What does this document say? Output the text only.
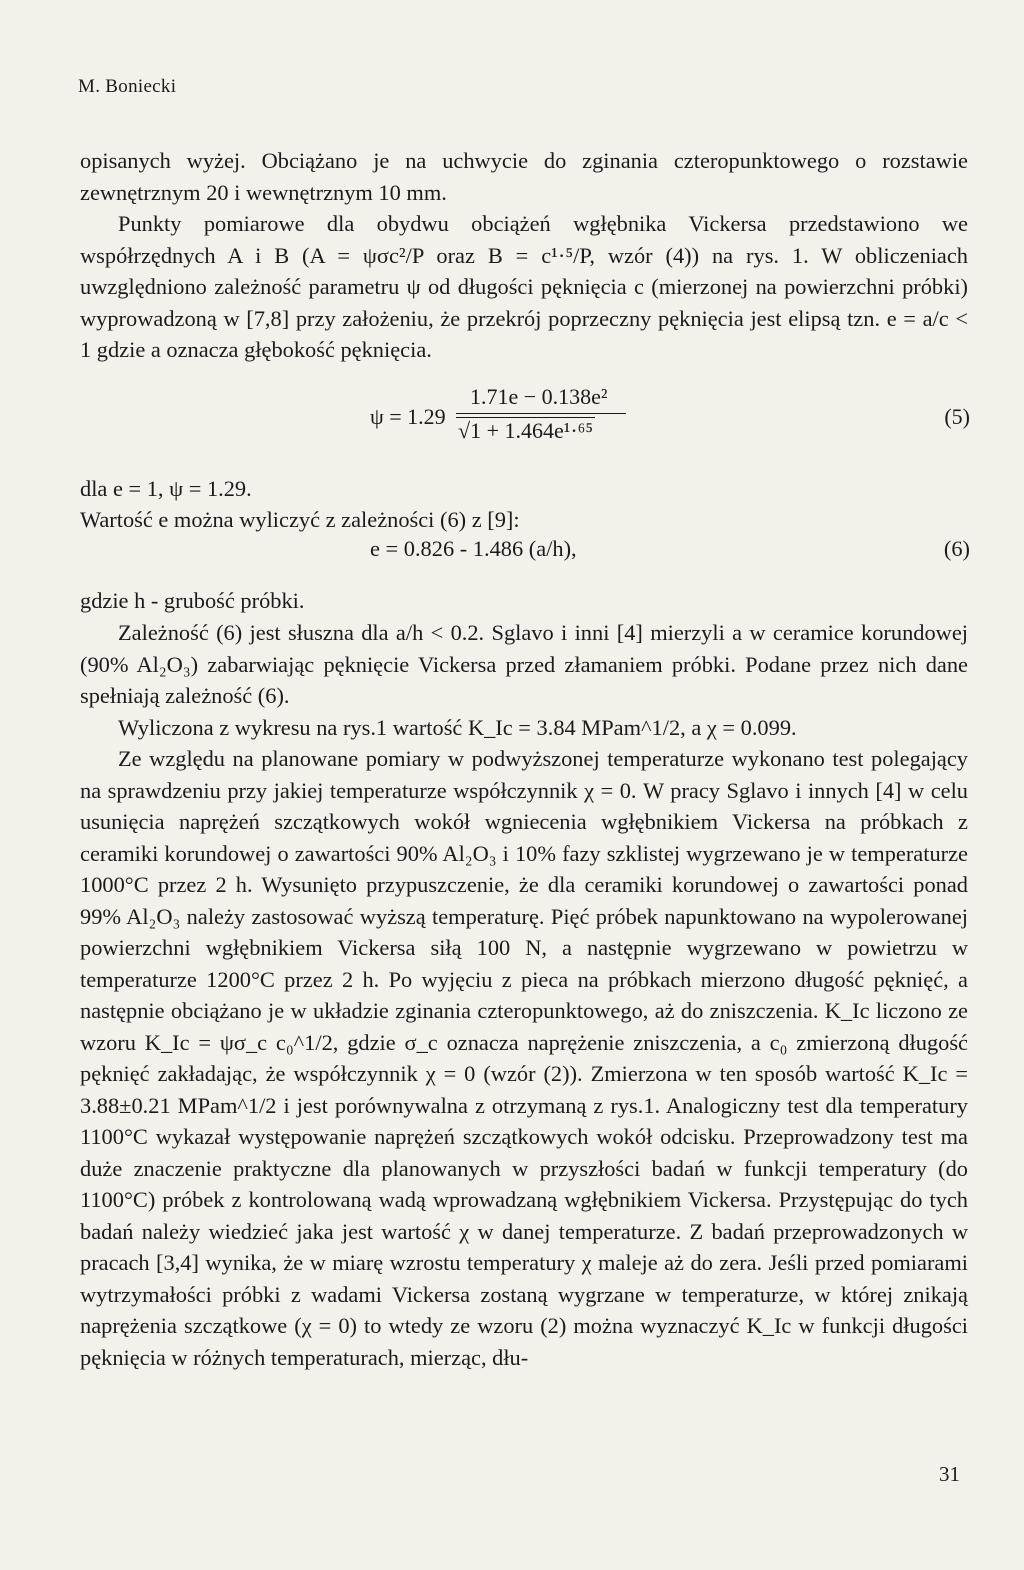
M. Boniecki

opisanych wyżej. Obciążano je na uchwycie do zginania czteropunktowego o rozstawie zewnętrznym 20 i wewnętrznym 10 mm.

Punkty pomiarowe dla obydwu obciążeń wgłębnika Vickersa przedstawiono we współrzędnych A i B (A = ψσc²/P oraz B = c¹·⁵/P, wzór (4)) na rys. 1. W obliczeniach uwzględniono zależność parametru ψ od długości pęknięcia c (mierzonej na powierzchni próbki) wyprowadzoną w [7,8] przy założeniu, że przekrój poprzeczny pęknięcia jest elipsą tzn. e = a/c < 1 gdzie a oznacza głębokość pęknięcia.

ψ = 1.29
1.71e − 0.138e²
√1 + 1.464e¹·⁶⁵
(5)
dla e = 1, ψ = 1.29.
Wartość e można wyliczyć z zależności (6) z [9]:
e = 0.826 - 1.486 (a/h),	(6)
gdzie h - grubość próbki.

Zależność (6) jest słuszna dla a/h < 0.2. Sglavo i inni [4] mierzyli a w ceramice korundowej (90% Al₂O₃) zabarwiając pęknięcie Vickersa przed złamaniem próbki. Podane przez nich dane spełniają zależność (6).

Wyliczona z wykresu na rys.1 wartość K_Ic = 3.84 MPam^1/2, a χ = 0.099.

Ze względu na planowane pomiary w podwyższonej temperaturze wykonano test polegający na sprawdzeniu przy jakiej temperaturze współczynnik χ = 0. W pracy Sglavo i innych [4] w celu usunięcia naprężeń szczątkowych wokół wgniecenia wgłębnikiem Vickersa na próbkach z ceramiki korundowej o zawartości 90% Al₂O₃ i 10% fazy szklistej wygrzewano je w temperaturze 1000°C przez 2 h. Wysunięto przypuszczenie, że dla ceramiki korundowej o zawartości ponad 99% Al₂O₃ należy zastosować wyższą temperaturę. Pięć próbek napunktowano na wypolerowanej powierzchni wgłębnikiem Vickersa siłą 100 N, a następnie wygrzewano w powietrzu w temperaturze 1200°C przez 2 h. Po wyjęciu z pieca na próbkach mierzono długość pęknięć, a następnie obciążano je w układzie zginania czteropunktowego, aż do zniszczenia. K_Ic liczono ze wzoru K_Ic = ψσ_c c₀^1/2, gdzie σ_c oznacza naprężenie zniszczenia, a c₀ zmierzoną długość pęknięć zakładając, że współczynnik χ = 0 (wzór (2)). Zmierzona w ten sposób wartość K_Ic = 3.88±0.21 MPam^1/2 i jest porównywalna z otrzymaną z rys.1. Analogiczny test dla temperatury 1100°C wykazał występowanie naprężeń szczątkowych wokół odcisku. Przeprowadzony test ma duże znaczenie praktyczne dla planowanych w przyszłości badań w funkcji temperatury (do 1100°C) próbek z kontrolowaną wadą wprowadzaną wgłębnikiem Vickersa. Przystępując do tych badań należy wiedzieć jaka jest wartość χ w danej temperaturze. Z badań przeprowadzonych w pracach [3,4] wynika, że w miarę wzrostu temperatury χ maleje aż do zera. Jeśli przed pomiarami wytrzymałości próbki z wadami Vickersa zostaną wygrzane w temperaturze, w której znikają naprężenia szczątkowe (χ = 0) to wtedy ze wzoru (2) można wyznaczyć K_Ic w funkcji długości pęknięcia w różnych temperaturach, mierząc, dłu-

31
